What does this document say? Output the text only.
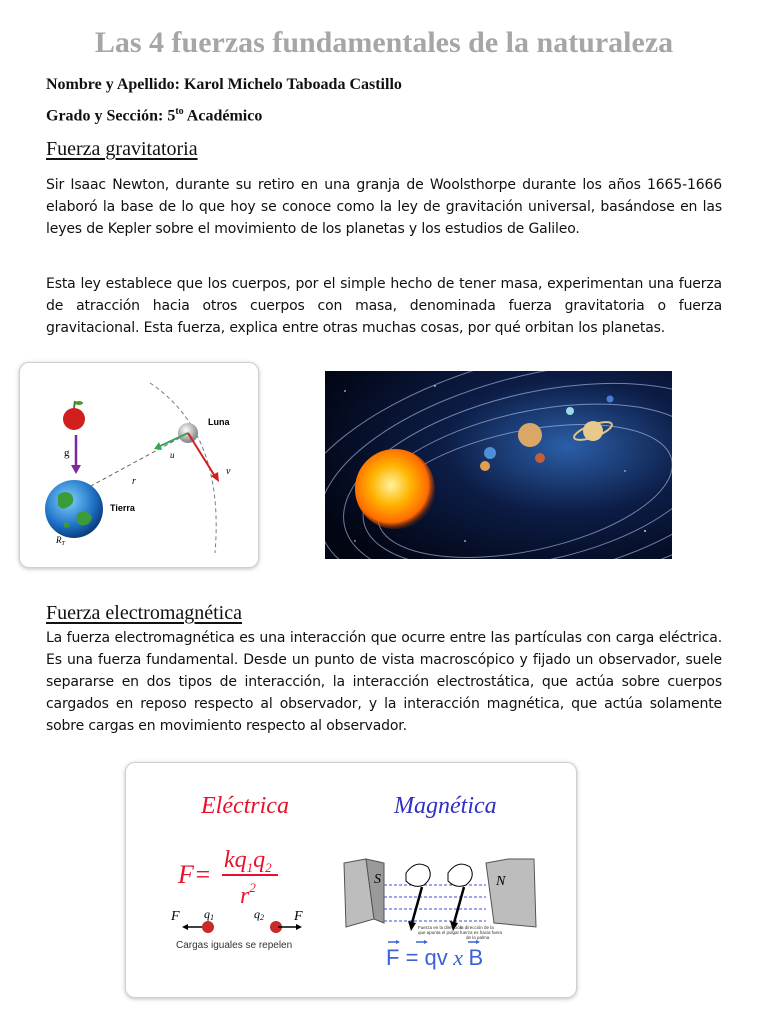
Las 4 fuerzas fundamentales de la naturaleza
Nombre y Apellido: Karol Michelo Taboada Castillo
Grado y Sección: $5^{to}$ Académico
Fuerza gravitatoria
Sir Isaac Newton, durante su retiro en una granja de Woolsthorpe durante los años 1665-1666 elaboró la base de lo que hoy se conoce como la ley de gravitación universal, basándose en las leyes de Kepler sobre el movimiento de los planetas y los estudios de Galileo.
Esta ley establece que los cuerpos, por el simple hecho de tener masa, experimentan una fuerza de atracción hacia otros cuerpos con masa, denominada fuerza gravitatoria o fuerza gravitacional. Esta fuerza, explica entre otras muchas cosas, por qué orbitan los planetas.
g
Luna
Tierra
u
v
r
$R_T$
Fuerza electromagnética
La fuerza electromagnética es una interacción que ocurre entre las partículas con carga eléctrica. Es una fuerza fundamental. Desde un punto de vista macroscópico y fijado un observador, suele separarse en dos tipos de interacción, la interacción electrostática, que actúa sobre cuerpos cargados en reposo respecto al observador, y la interacción magnética, que actúa solamente sobre cargas en movimiento respecto al observador.
Eléctrica	Magnética
$F= kq_1q_2$
$r^2$
F q1	q2 F
Cargas iguales se repelen
S	N
Fuerza en la dirección
que apunta el pulgar
la dirección de la
fuerza es hacia fuera
de la palma
F = qv x B
